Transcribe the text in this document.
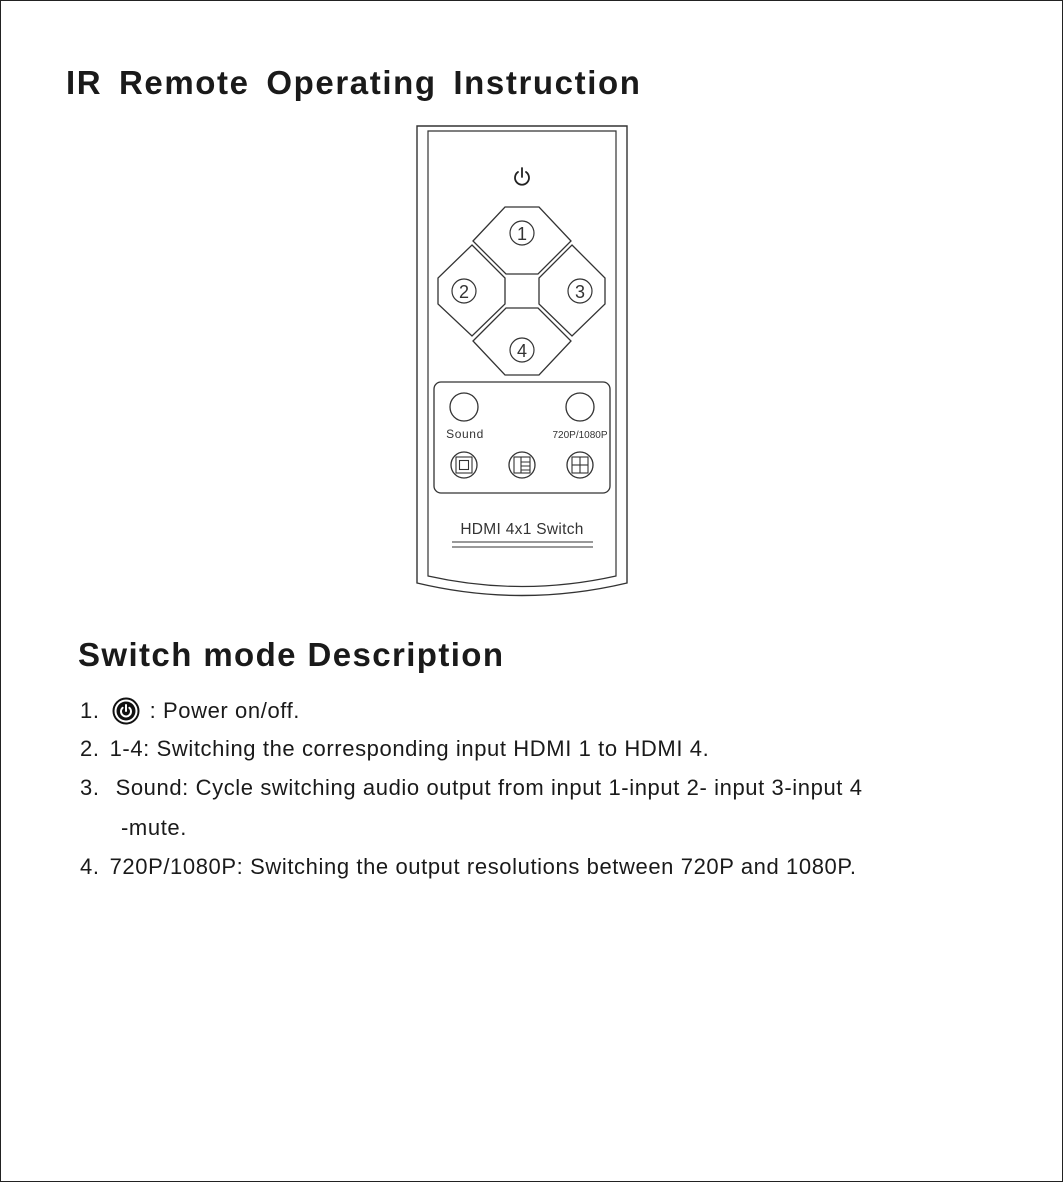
IR Remote Operating Instruction
1
2	3
4
Sound	720P/1080P
HDMI 4x1 Switch
Switch mode Description
1. : Power on/off.
2. 1-4: Switching the corresponding input HDMI 1 to HDMI 4.
3. Sound: Cycle switching audio output from input 1-input 2- input 3-input 4
-mute.
4. 720P/1080P: Switching the output resolutions between 720P and 1080P.
